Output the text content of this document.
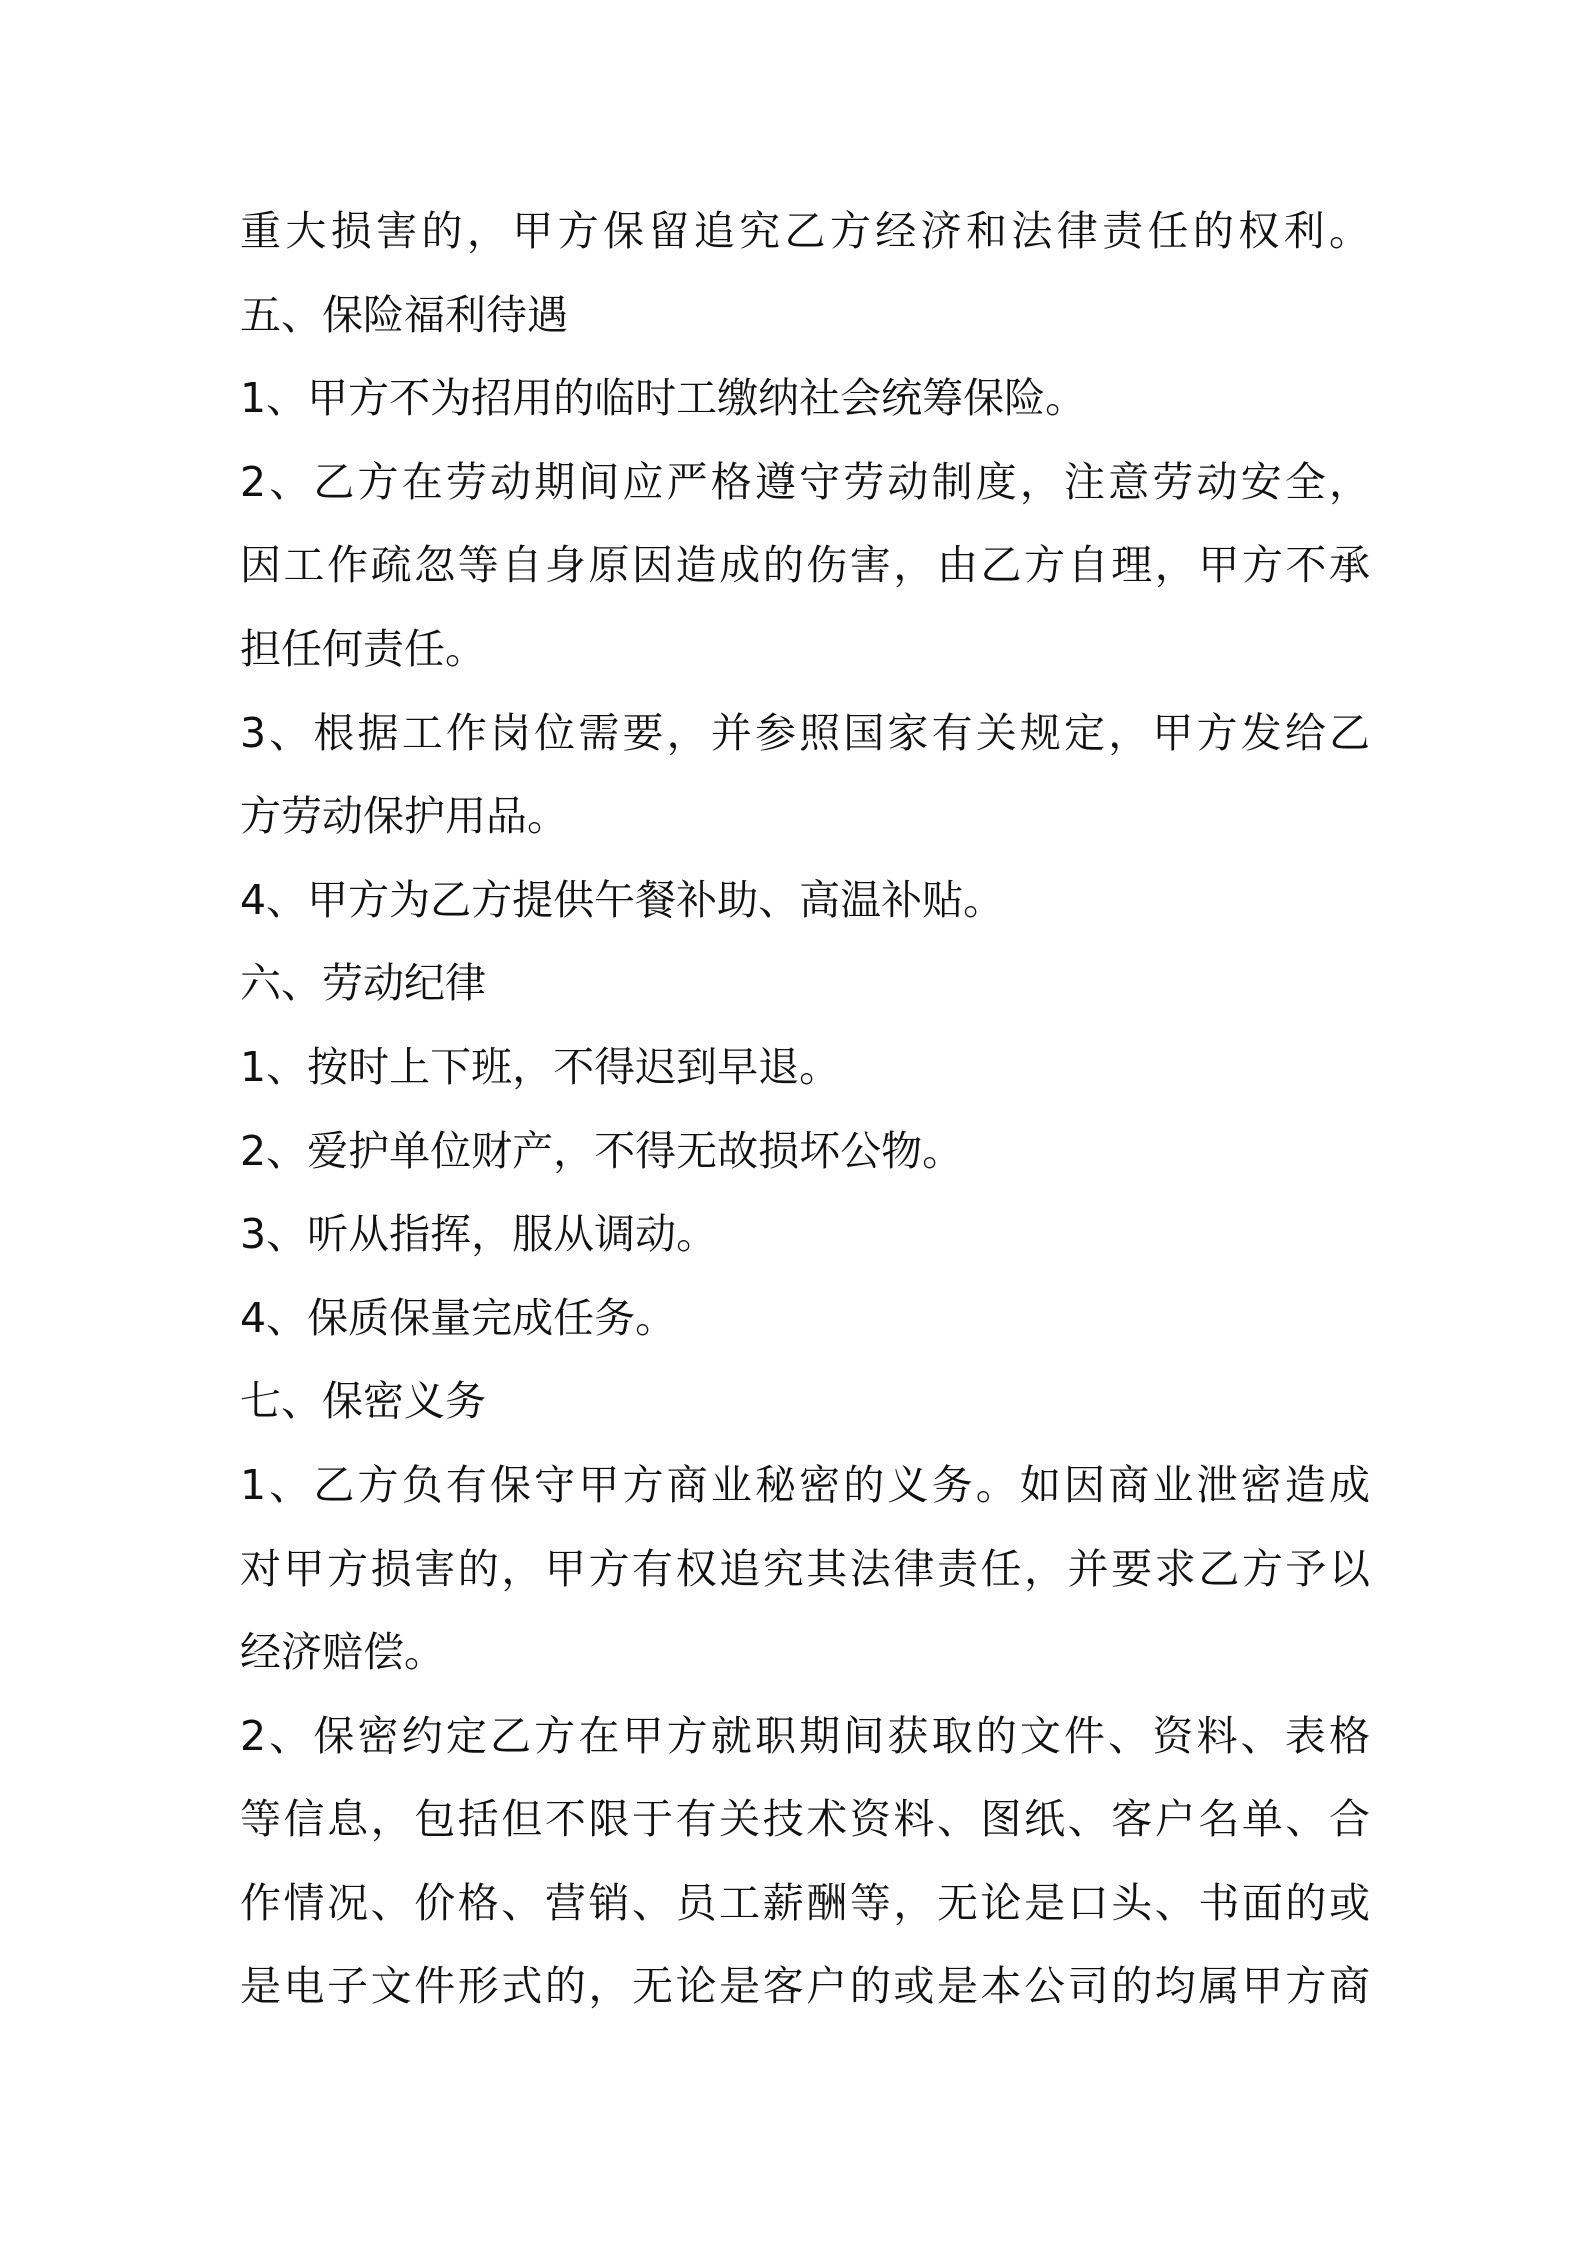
重大损害的，甲方保留追究乙方经济和法律责任的权利。
五、保险福利待遇
1、甲方不为招用的临时工缴纳社会统筹保险。
2、乙方在劳动期间应严格遵守劳动制度，注意劳动安全，
因工作疏忽等自身原因造成的伤害，由乙方自理，甲方不承
担任何责任。
3、根据工作岗位需要，并参照国家有关规定，甲方发给乙
方劳动保护用品。
4、甲方为乙方提供午餐补助、高温补贴。
六、劳动纪律
1、按时上下班，不得迟到早退。
2、爱护单位财产，不得无故损坏公物。
3、听从指挥，服从调动。
4、保质保量完成任务。
七、保密义务
1、乙方负有保守甲方商业秘密的义务。如因商业泄密造成
对甲方损害的，甲方有权追究其法律责任，并要求乙方予以
经济赔偿。
2、保密约定乙方在甲方就职期间获取的文件、资料、表格
等信息，包括但不限于有关技术资料、图纸、客户名单、合
作情况、价格、营销、员工薪酬等，无论是口头、书面的或
是电子文件形式的，无论是客户的或是本公司的均属甲方商
